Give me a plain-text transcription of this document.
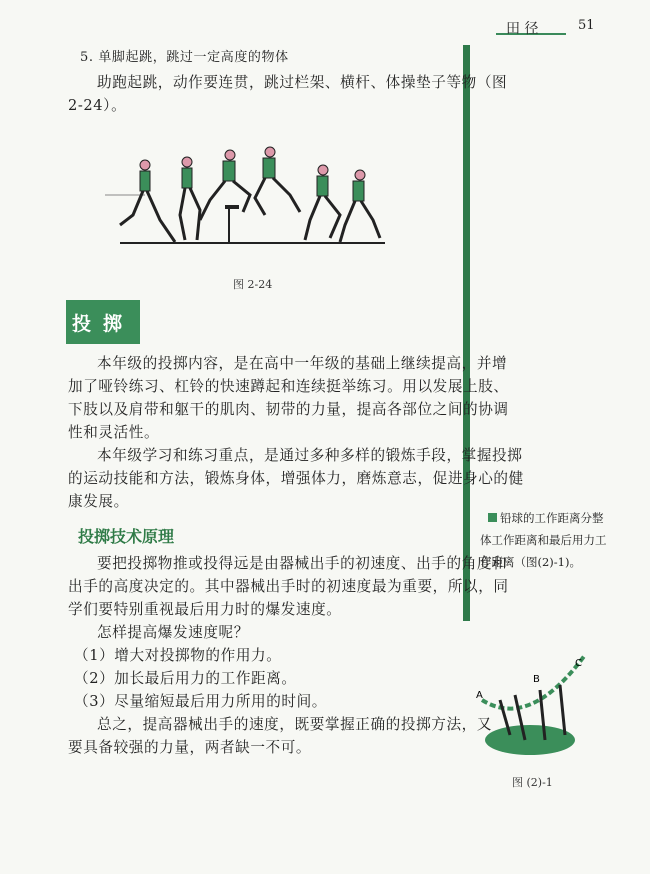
田 径	51
5. 单脚起跳，跳过一定高度的物体
助跑起跳，动作要连贯，跳过栏架、横杆、体操垫子等物（图
2-24）。
图 2-24
投掷
本年级的投掷内容，是在高中一年级的基础上继续提高，并增
加了哑铃练习、杠铃的快速蹲起和连续挺举练习。用以发展上肢、
下肢以及肩带和躯干的肌肉、韧带的力量，提高各部位之间的协调
性和灵活性。
本年级学习和练习重点，是通过多种多样的锻炼手段，掌握投掷
的运动技能和方法，锻炼身体，增强体力，磨炼意志，促进身心的健
康发展。
投掷技术原理
要把投掷物推或投得远是由器械出手的初速度、出手的角度和
出手的高度决定的。其中器械出手时的初速度最为重要，所以，同
学们要特别重视最后用力时的爆发速度。
怎样提高爆发速度呢？
（1）增大对投掷物的作用力。
（2）加长最后用力的工作距离。
（3）尽量缩短最后用力所用的时间。
总之，提高器械出手的速度，既要掌握正确的投掷方法，又
要具备较强的力量，两者缺一不可。
铅球的工作距离分整
体工作距离和最后用力工
作距离（图(2)-1)。
A
B
C
图 (2)-1
